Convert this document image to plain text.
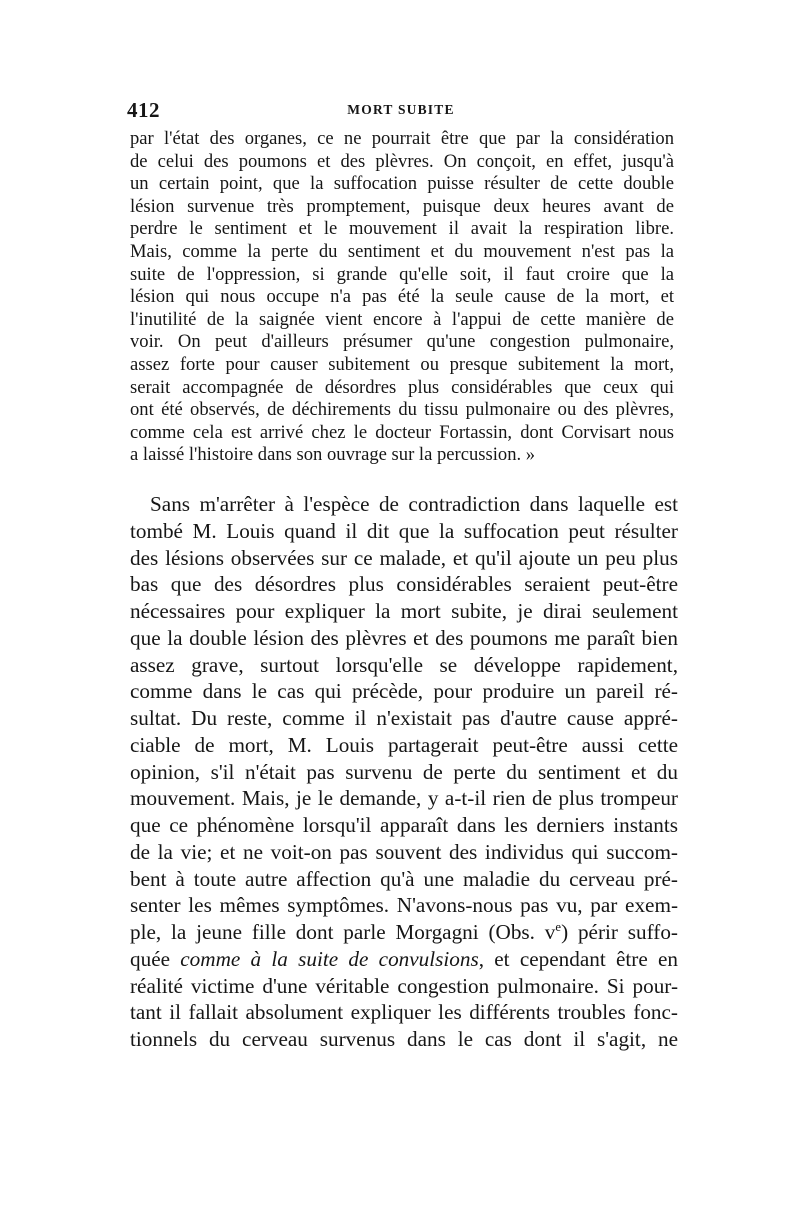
412	MORT SUBITE
par l'état des organes, ce ne pourrait être que par la considération
de celui des poumons et des plèvres. On conçoit, en effet, jusqu'à
un certain point, que la suffocation puisse résulter de cette double
lésion survenue très promptement, puisque deux heures avant de
perdre le sentiment et le mouvement il avait la respiration libre.
Mais, comme la perte du sentiment et du mouvement n'est pas la
suite de l'oppression, si grande qu'elle soit, il faut croire que la
lésion qui nous occupe n'a pas été la seule cause de la mort, et
l'inutilité de la saignée vient encore à l'appui de cette manière de
voir. On peut d'ailleurs présumer qu'une congestion pulmonaire,
assez forte pour causer subitement ou presque subitement la mort,
serait accompagnée de désordres plus considérables que ceux qui
ont été observés, de déchirements du tissu pulmonaire ou des plèvres,
comme cela est arrivé chez le docteur Fortassin, dont Corvisart nous
a laissé l'histoire dans son ouvrage sur la percussion. »
Sans m'arrêter à l'espèce de contradiction dans laquelle est
tombé M. Louis quand il dit que la suffocation peut résulter
des lésions observées sur ce malade, et qu'il ajoute un peu plus
bas que des désordres plus considérables seraient peut-être
nécessaires pour expliquer la mort subite, je dirai seulement
que la double lésion des plèvres et des poumons me paraît bien
assez grave, surtout lorsqu'elle se développe rapidement,
comme dans le cas qui précède, pour produire un pareil ré-
sultat. Du reste, comme il n'existait pas d'autre cause appré-
ciable de mort, M. Louis partagerait peut-être aussi cette
opinion, s'il n'était pas survenu de perte du sentiment et du
mouvement. Mais, je le demande, y a-t-il rien de plus trompeur
que ce phénomène lorsqu'il apparaît dans les derniers instants
de la vie; et ne voit-on pas souvent des individus qui succom-
bent à toute autre affection qu'à une maladie du cerveau pré-
senter les mêmes symptômes. N'avons-nous pas vu, par exem-
ple, la jeune fille dont parle Morgagni (Obs. $v^e$) périr suffo-
quée comme à la suite de convulsions, et cependant être en
réalité victime d'une véritable congestion pulmonaire. Si pour-
tant il fallait absolument expliquer les différents troubles fonc-
tionnels du cerveau survenus dans le cas dont il s'agit, ne
